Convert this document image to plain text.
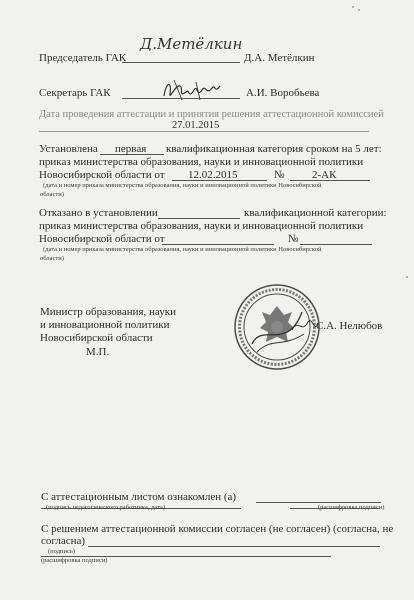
Председатель ГАК
Д.Метёлкин
Д.А. Метёлкин
Секретарь ГАК	А.И. Воробьева
Дата проведения аттестации и принятия решения аттестационной комиссией
27.01.2015
Установлена первая квалификационная категория сроком на 5 лет:
приказ министерства образования, науки и инновационной политики
Новосибирской области от 12.02.2015	№	2-АК
(дата и номер приказа министерства образования, науки и инновационной политики Новосибирской
области)
Отказано в установлении	квалификационной категории:
приказ министерства образования, науки и инновационной политики
Новосибирской области от	№
(дата и номер приказа министерства образования, науки и инновационной политики Новосибирской
области)
Министр образования, науки
и инновационной политики
Новосибирской области
М.П.
С.А. Нелюбов
С аттестационным листом ознакомлен (а)
(подпись педагогического работника, дата)	(расшифровка подписи)
С решением аттестационной комиссии согласен (не согласен) (согласна, не
согласна)
(подпись)
(расшифровка подписи)
